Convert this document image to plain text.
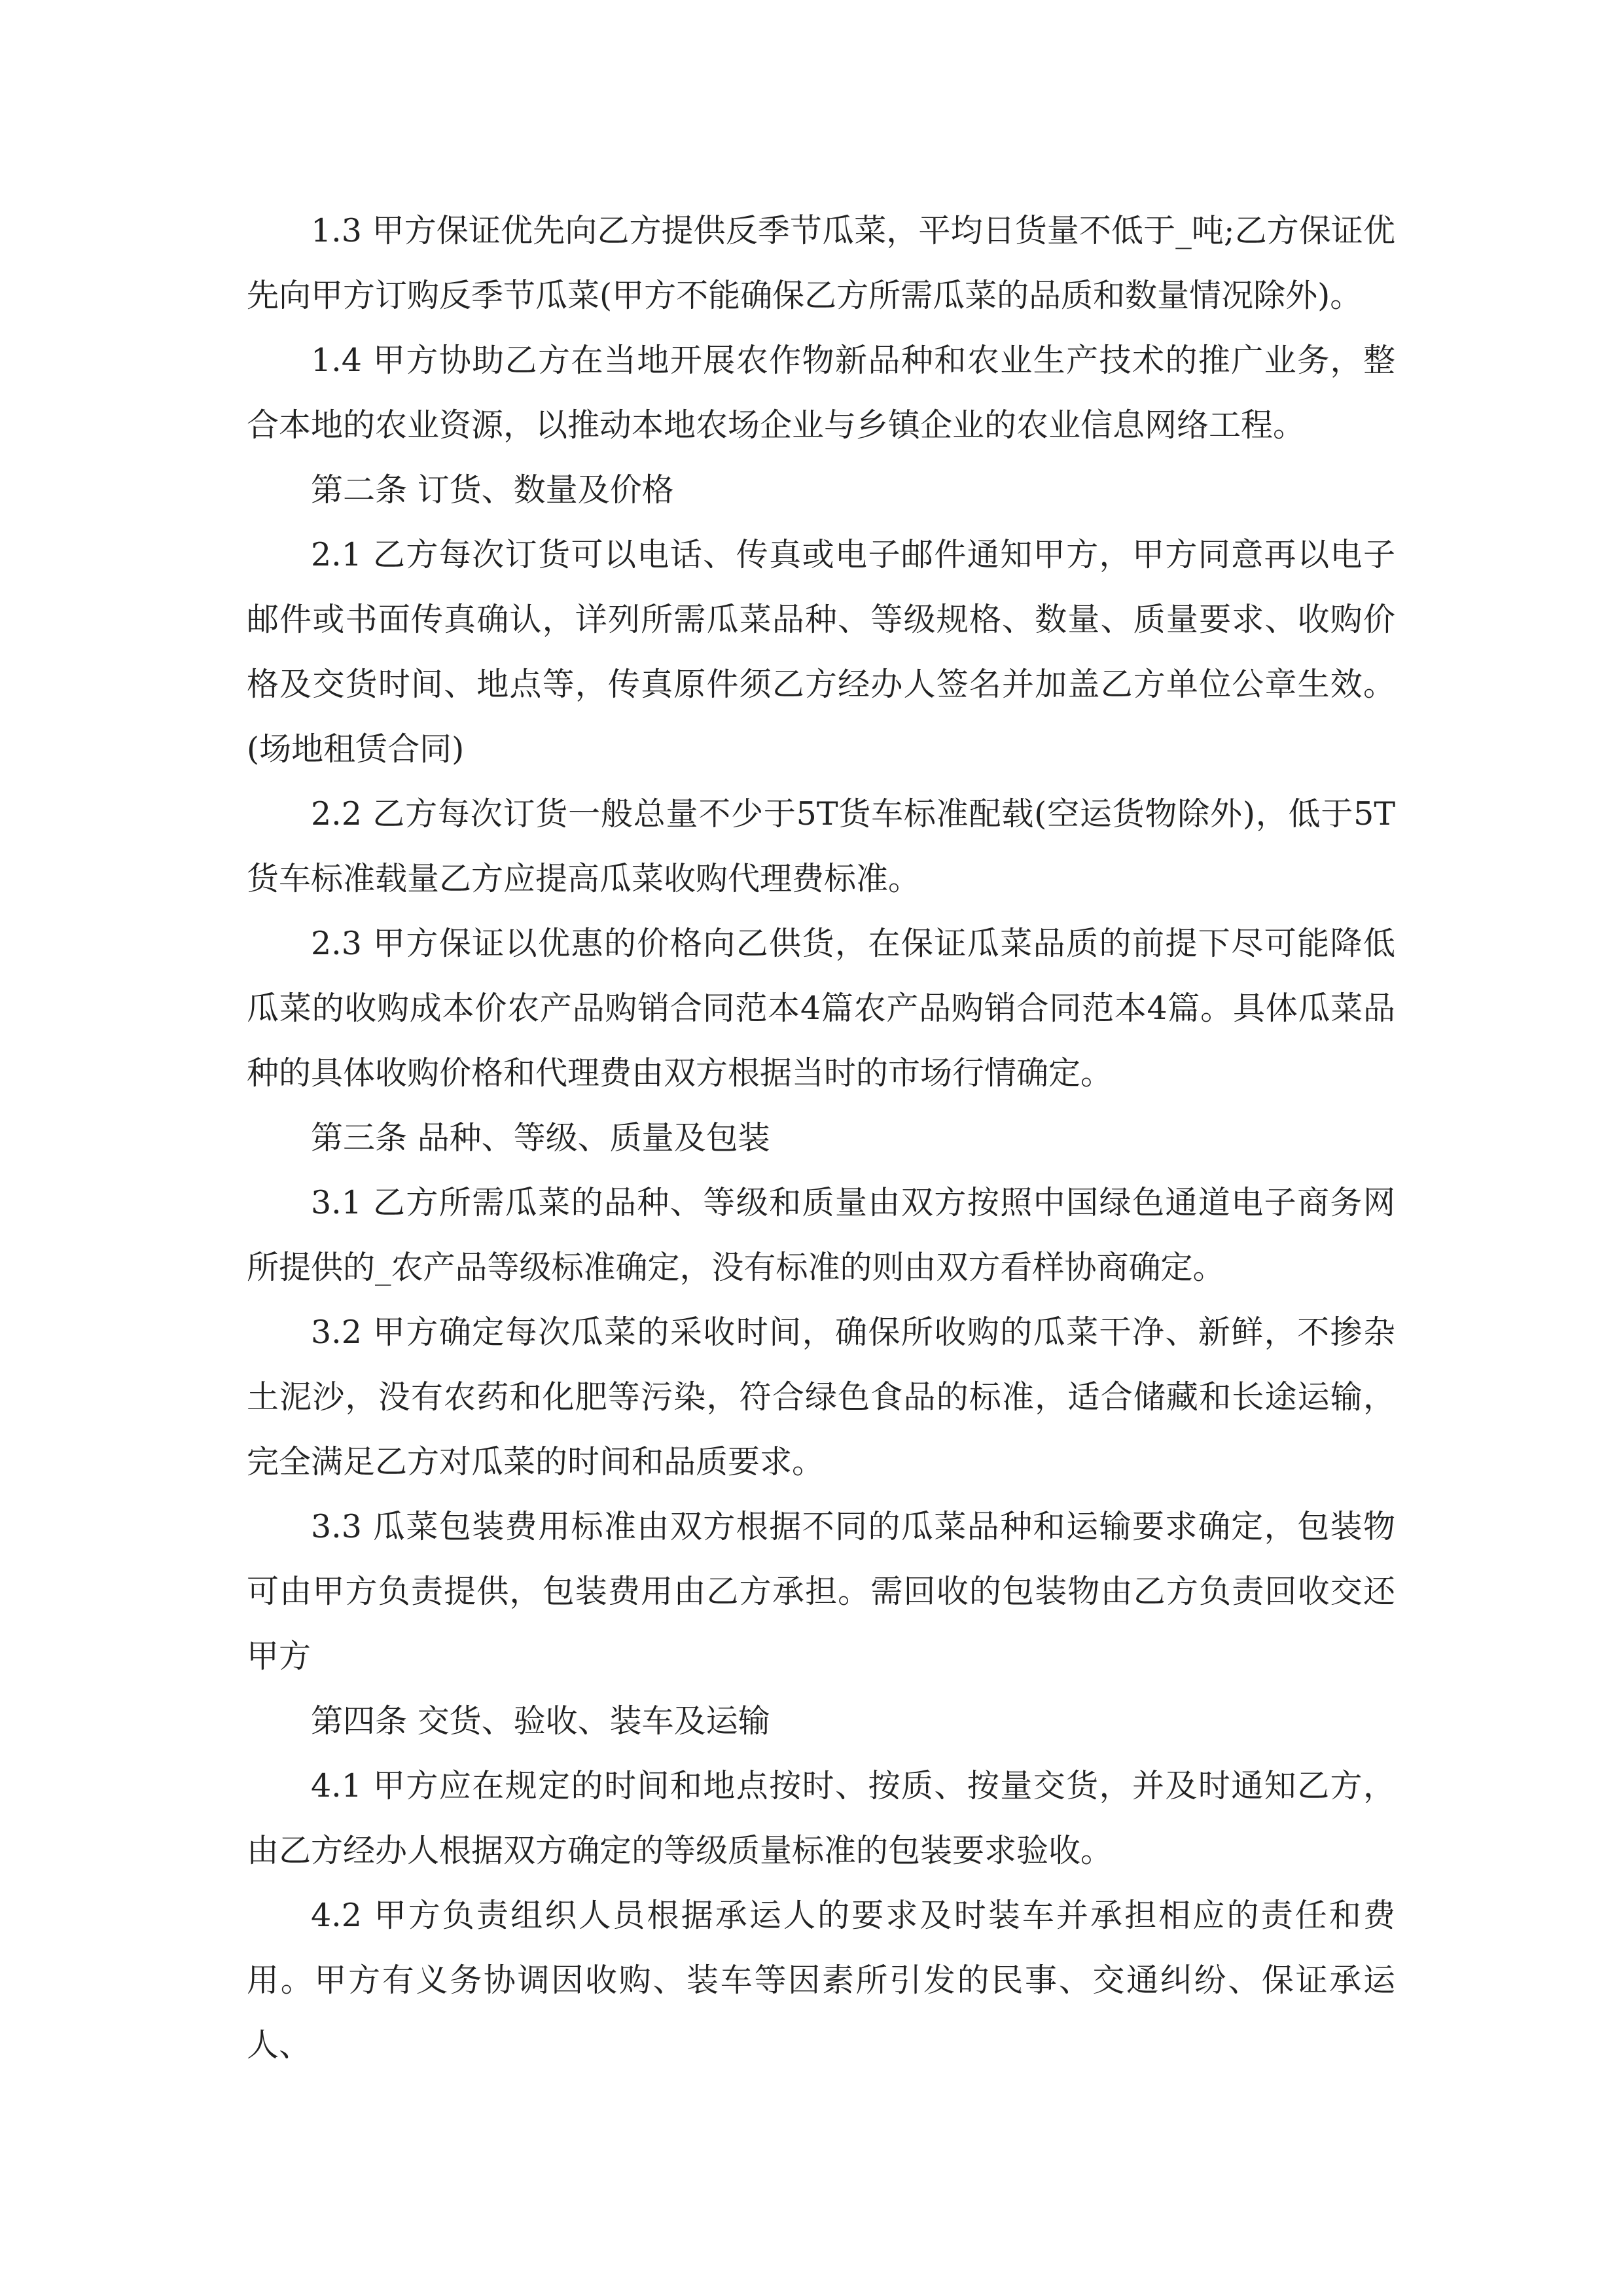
1.3 甲方保证优先向乙方提供反季节瓜菜，平均日货量不低于_吨;乙方保证优先向甲方订购反季节瓜菜(甲方不能确保乙方所需瓜菜的品质和数量情况除外)。

1.4 甲方协助乙方在当地开展农作物新品种和农业生产技术的推广业务，整合本地的农业资源，以推动本地农场企业与乡镇企业的农业信息网络工程。

第二条 订货、数量及价格

2.1 乙方每次订货可以电话、传真或电子邮件通知甲方，甲方同意再以电子邮件或书面传真确认，详列所需瓜菜品种、等级规格、数量、质量要求、收购价格及交货时间、地点等，传真原件须乙方经办人签名并加盖乙方单位公章生效。(场地租赁合同)

2.2 乙方每次订货一般总量不少于5T货车标准配载(空运货物除外)，低于5T货车标准载量乙方应提高瓜菜收购代理费标准。

2.3 甲方保证以优惠的价格向乙供货，在保证瓜菜品质的前提下尽可能降低瓜菜的收购成本价农产品购销合同范本4篇农产品购销合同范本4篇。具体瓜菜品种的具体收购价格和代理费由双方根据当时的市场行情确定。

第三条 品种、等级、质量及包装

3.1 乙方所需瓜菜的品种、等级和质量由双方按照中国绿色通道电子商务网所提供的_农产品等级标准确定，没有标准的则由双方看样协商确定。

3.2 甲方确定每次瓜菜的采收时间，确保所收购的瓜菜干净、新鲜，不掺杂土泥沙，没有农药和化肥等污染，符合绿色食品的标准，适合储藏和长途运输，完全满足乙方对瓜菜的时间和品质要求。

3.3 瓜菜包装费用标准由双方根据不同的瓜菜品种和运输要求确定，包装物可由甲方负责提供，包装费用由乙方承担。需回收的包装物由乙方负责回收交还甲方

第四条 交货、验收、装车及运输

4.1 甲方应在规定的时间和地点按时、按质、按量交货，并及时通知乙方，由乙方经办人根据双方确定的等级质量标准的包装要求验收。

4.2 甲方负责组织人员根据承运人的要求及时装车并承担相应的责任和费用。甲方有义务协调因收购、装车等因素所引发的民事、交通纠纷、保证承运人、
